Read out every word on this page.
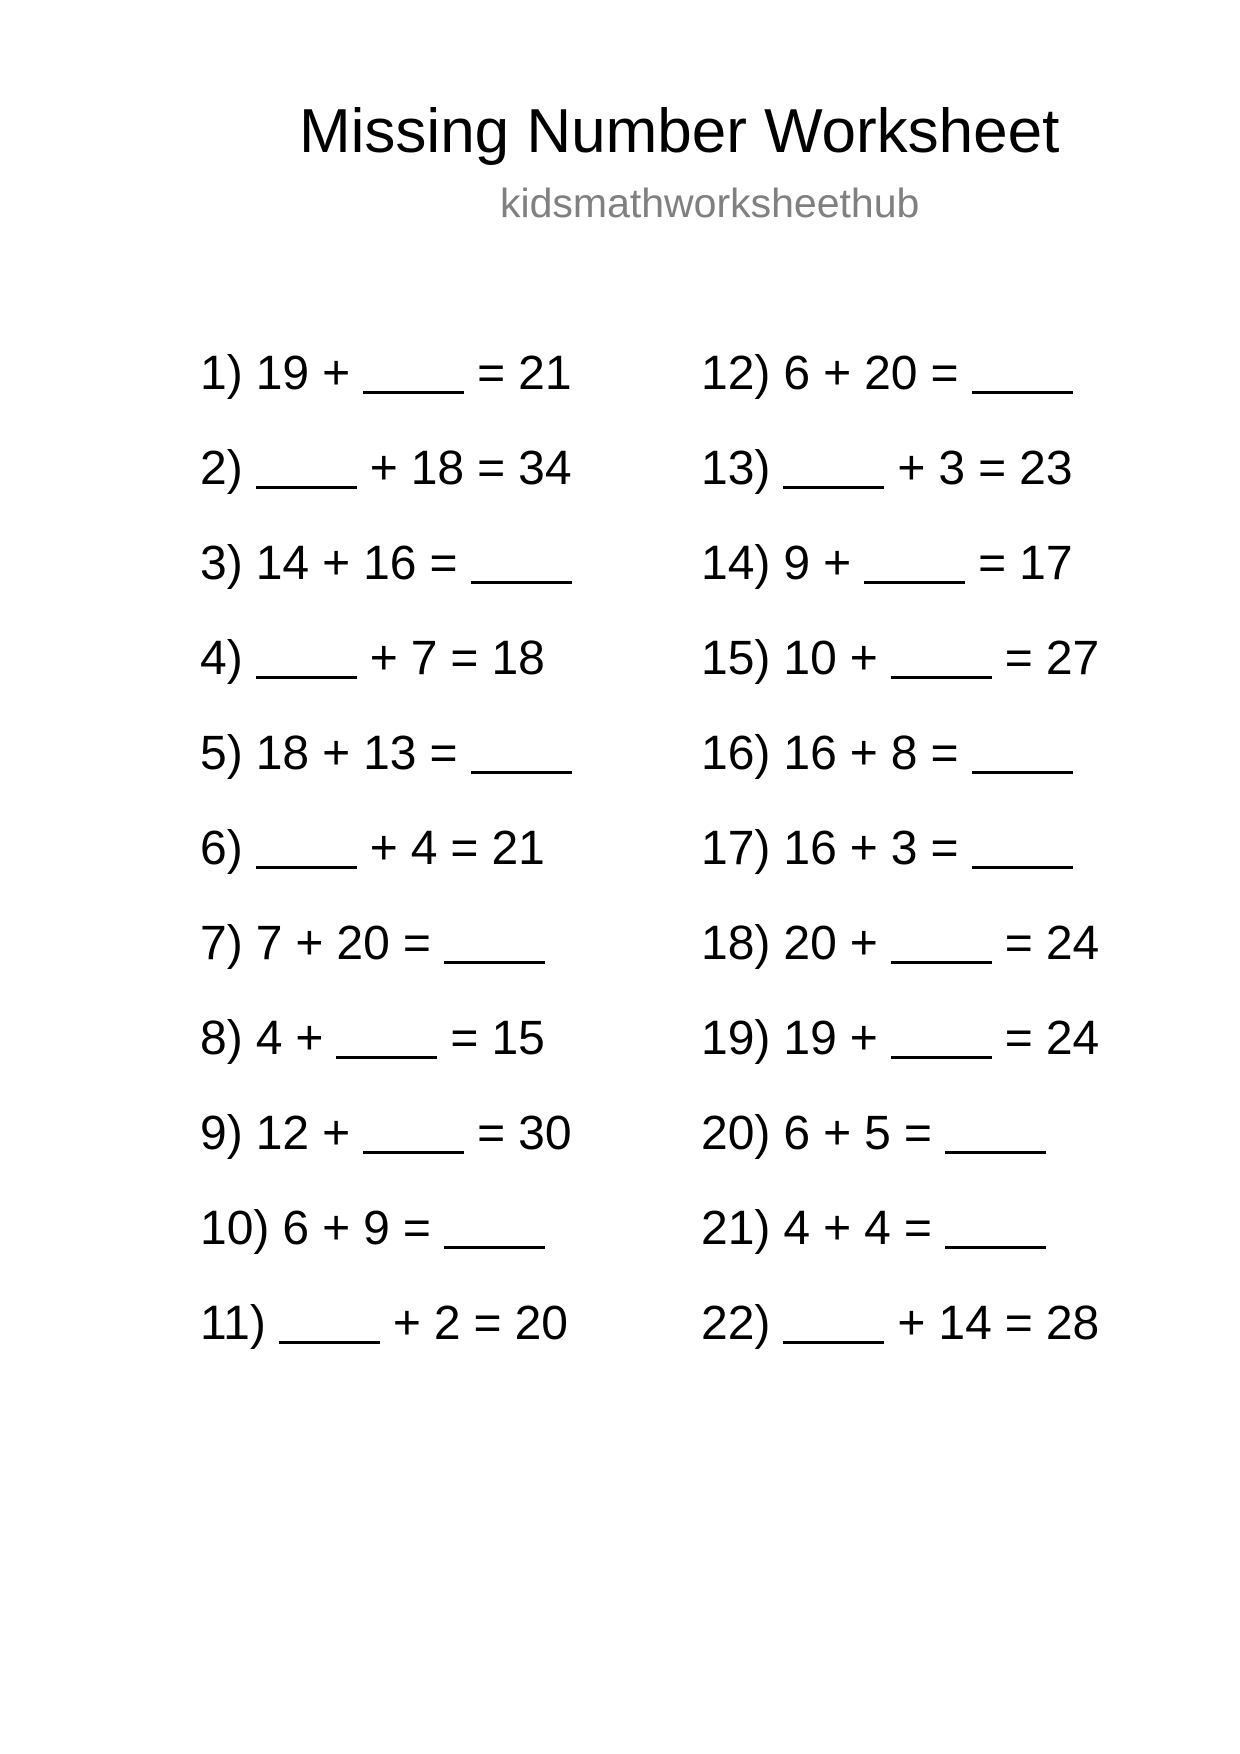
Missing Number Worksheet
kidsmathworksheethub
1) 19 +	= 21
2)	+ 18 = 34
3) 14 + 16 =
4)	+ 7 = 18
5) 18 + 13 =
6)	+ 4 = 21
7) 7 + 20 =
8) 4 +	= 15
9) 12 +	= 30
10) 6 + 9 =
11)	+ 2 = 20
12) 6 + 20 =
13)	+ 3 = 23
14) 9 +	= 17
15) 10 +	= 27
16) 16 + 8 =
17) 16 + 3 =
18) 20 +	= 24
19) 19 +	= 24
20) 6 + 5 =
21) 4 + 4 =
22)	+ 14 = 28
